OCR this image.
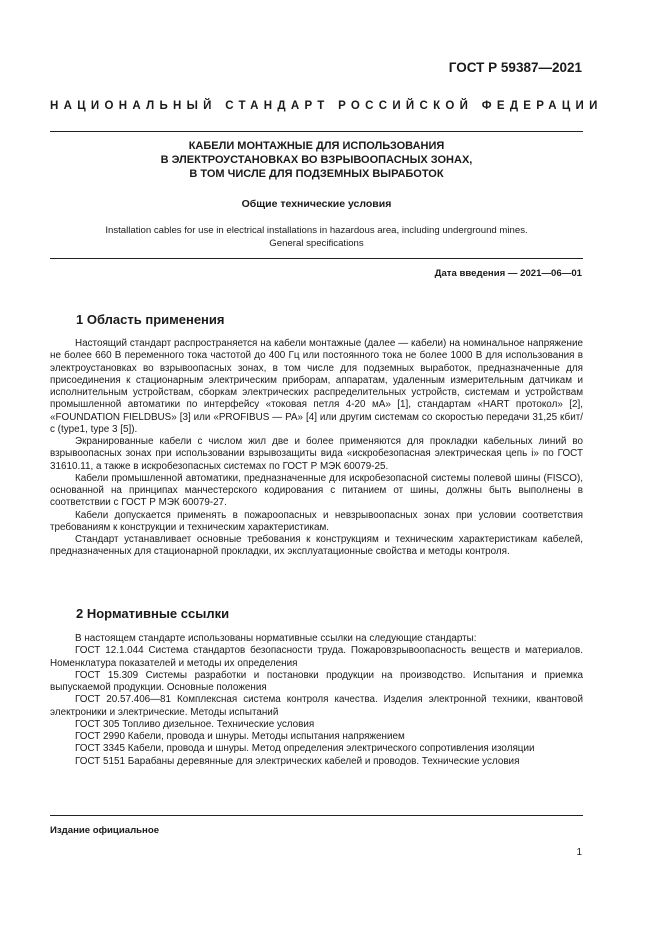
ГОСТ Р 59387—2021
НАЦИОНАЛЬНЫЙ СТАНДАРТ РОССИЙСКОЙ ФЕДЕРАЦИИ
КАБЕЛИ МОНТАЖНЫЕ ДЛЯ ИСПОЛЬЗОВАНИЯ
В ЭЛЕКТРОУСТАНОВКАХ ВО ВЗРЫВООПАСНЫХ ЗОНАХ,
В ТОМ ЧИСЛЕ ДЛЯ ПОДЗЕМНЫХ ВЫРАБОТОК
Общие технические условия
Installation cables for use in electrical installations in hazardous area, including underground mines.
General specifications
Дата введения — 2021—06—01
1 Область применения

Настоящий стандарт распространяется на кабели монтажные (далее — кабели) на номинальное напряжение не более 660 В переменного тока частотой до 400 Гц или постоянного тока не более 1000 В для использования в электроустановках во взрывоопасных зонах, в том числе для подземных выработок, предназначенные для присоединения к стационарным электрическим приборам, аппаратам, удаленным измерительным датчикам и исполнительным устройствам, сборкам электрических распределительных устройств, системам и устройствам промышленной автоматики по интерфейсу «токовая петля 4-20 мА» [1], стандартам «HART протокол» [2], «FOUNDATION FIELDBUS» [3] или «PROFIBUS — PA» [4] или другим системам со скоростью передачи 31,25 кбит/с (type1, type 3 [5]).

Экранированные кабели с числом жил две и более применяются для прокладки кабельных линий во взрывоопасных зонах при использовании взрывозащиты вида «искробезопасная электрическая цепь i» по ГОСТ 31610.11, а также в искробезопасных системах по ГОСТ Р МЭК 60079-25.

Кабели промышленной автоматики, предназначенные для искробезопасной системы полевой шины (FISCO), основанной на принципах манчестерского кодирования с питанием от шины, должны быть выполнены в соответствии с ГОСТ Р МЭК 60079-27.

Кабели допускается применять в пожароопасных и невзрывоопасных зонах при условии соответствия требованиям к конструкции и техническим характеристикам.

Стандарт устанавливает основные требования к конструкциям и техническим характеристикам кабелей, предназначенных для стационарной прокладки, их эксплуатационные свойства и методы контроля.

2 Нормативные ссылки

В настоящем стандарте использованы нормативные ссылки на следующие стандарты:

ГОСТ 12.1.044 Система стандартов безопасности труда. Пожаровзрывоопасность веществ и материалов. Номенклатура показателей и методы их определения

ГОСТ 15.309 Системы разработки и постановки продукции на производство. Испытания и приемка выпускаемой продукции. Основные положения

ГОСТ 20.57.406—81 Комплексная система контроля качества. Изделия электронной техники, квантовой электроники и электрические. Методы испытаний

ГОСТ 305 Топливо дизельное. Технические условия

ГОСТ 2990 Кабели, провода и шнуры. Методы испытания напряжением

ГОСТ 3345 Кабели, провода и шнуры. Метод определения электрического сопротивления изоляции

ГОСТ 5151 Барабаны деревянные для электрических кабелей и проводов. Технические условия

Издание официальное
1
